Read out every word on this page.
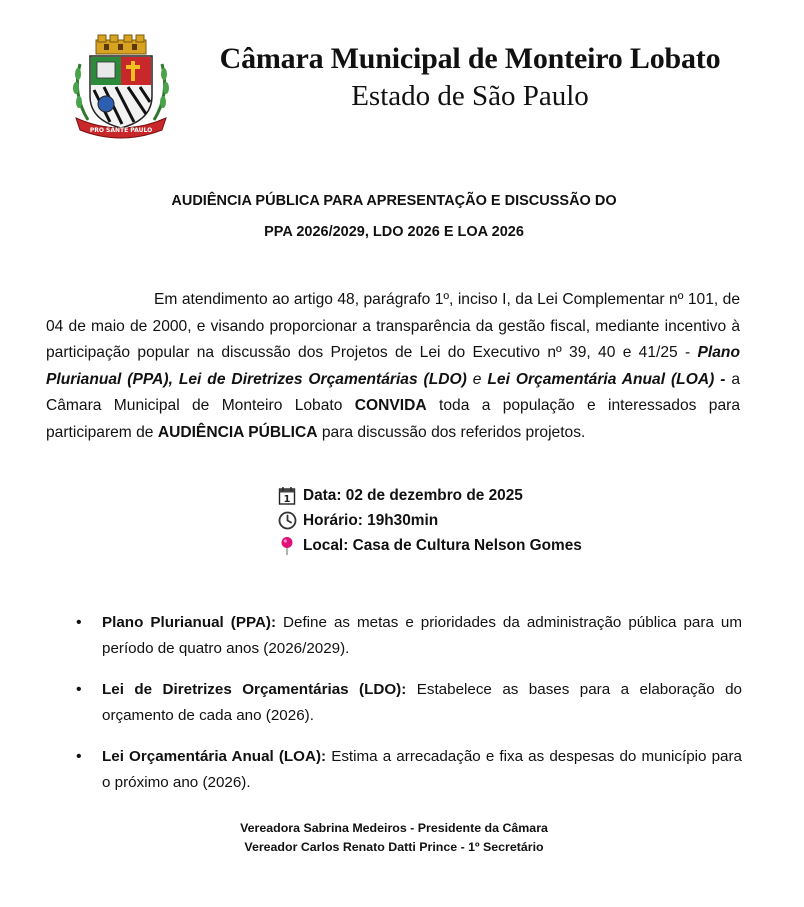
PRO SANTE PAULO
Câmara Municipal de Monteiro Lobato
Estado de São Paulo
AUDIÊNCIA PÚBLICA PARA APRESENTAÇÃO E DISCUSSÃO DO
PPA 2026/2029, LDO 2026 E LOA 2026
Em atendimento ao artigo 48, parágrafo 1º, inciso I, da Lei Complementar nº 101, de 04 de maio de 2000, e visando proporcionar a transparência da gestão fiscal, mediante incentivo à participação popular na discussão dos Projetos de Lei do Executivo nº 39, 40 e 41/25 - Plano Plurianual (PPA), Lei de Diretrizes Orçamentárias (LDO) e Lei Orçamentária Anual (LOA) - a Câmara Municipal de Monteiro Lobato CONVIDA toda a população e interessados para participarem de AUDIÊNCIA PÚBLICA para discussão dos referidos projetos.
1 Data: 02 de dezembro de 2025
Horário: 19h30min
Local: Casa de Cultura Nelson Gomes
• Plano Plurianual (PPA): Define as metas e prioridades da administração pública para um período de quatro anos (2026/2029).
• Lei de Diretrizes Orçamentárias (LDO): Estabelece as bases para a elaboração do orçamento de cada ano (2026).
• Lei Orçamentária Anual (LOA): Estima a arrecadação e fixa as despesas do município para o próximo ano (2026).
Vereadora Sabrina Medeiros - Presidente da Câmara
Vereador Carlos Renato Datti Prince - 1º Secretário
